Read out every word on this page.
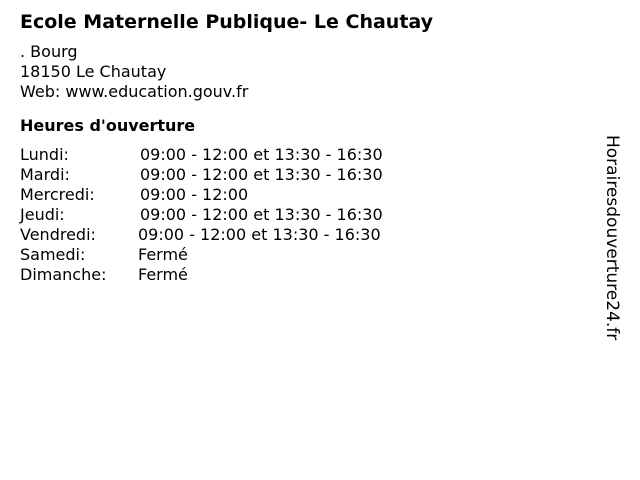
Ecole Maternelle Publique- Le Chautay
. Bourg
18150 Le Chautay
Web: www.education.gouv.fr
Heures d'ouverture
Lundi:	09:00 - 12:00 et 13:30 - 16:30
Mardi:	09:00 - 12:00 et 13:30 - 16:30
Mercredi:	09:00 - 12:00
Jeudi:	09:00 - 12:00 et 13:30 - 16:30
Vendredi:	09:00 - 12:00 et 13:30 - 16:30
Samedi:	Fermé
Dimanche:	Fermé	Horairesdouverture24.fr
